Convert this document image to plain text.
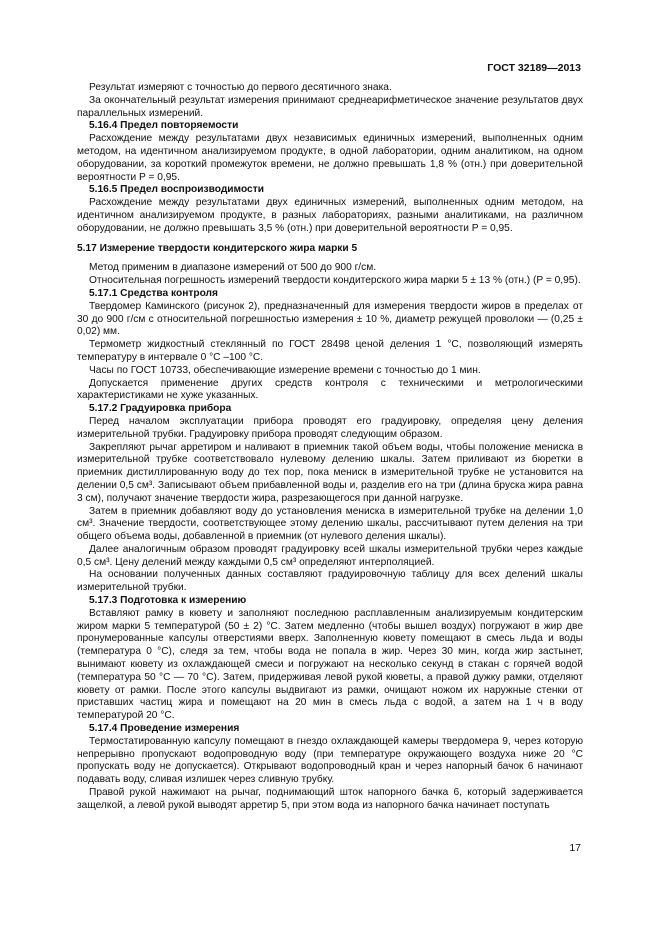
ГОСТ 32189—2013

Результат измеряют с точностью до первого десятичного знака.

За окончательный результат измерения принимают среднеарифметическое значение результатов двух параллельных измерений.

5.16.4 Предел повторяемости

Расхождение между результатами двух независимых единичных измерений, выполненных одним методом, на идентичном анализируемом продукте, в одной лаборатории, одним аналитиком, на одном оборудовании, за короткий промежуток времени, не должно превышать 1,8 % (отн.) при доверительной вероятности P = 0,95.

5.16.5 Предел воспроизводимости

Расхождение между результатами двух единичных измерений, выполненных одним методом, на идентичном анализируемом продукте, в разных лабораториях, разными аналитиками, на различном оборудовании, не должно превышать 3,5 % (отн.) при доверительной вероятности P = 0,95.

5.17 Измерение твердости кондитерского жира марки 5

Метод применим в диапазоне измерений от 500 до 900 г/см.

Относительная погрешность измерений твердости кондитерского жира марки 5 ± 13 % (отн.) (P = 0,95).

5.17.1 Средства контроля

Твердомер Каминского (рисунок 2), предназначенный для измерения твердости жиров в пределах от 30 до 900 г/см с относительной погрешностью измерения ± 10 %, диаметр режущей проволоки — (0,25 ± 0,02) мм.

Термометр жидкостный стеклянный по ГОСТ 28498 ценой деления 1 °С, позволяющий измерять температуру в интервале 0 °С –100 °С.

Часы по ГОСТ 10733, обеспечивающие измерение времени с точностью до 1 мин.

Допускается применение других средств контроля с техническими и метрологическими характеристиками не хуже указанных.

5.17.2 Градуировка прибора

Перед началом эксплуатации прибора проводят его градуировку, определяя цену деления измерительной трубки. Градуировку прибора проводят следующим образом.

Закрепляют рычаг арретиром и наливают в приемник такой объем воды, чтобы положение мениска в измерительной трубке соответствовало нулевому делению шкалы. Затем приливают из бюретки в приемник дистиллированную воду до тех пор, пока мениск в измерительной трубке не установится на делении 0,5 см³. Записывают объем прибавленной воды и, разделив его на три (длина бруска жира равна 3 см), получают значение твердости жира, разрезающегося при данной нагрузке.

Затем в приемник добавляют воду до установления мениска в измерительной трубке на делении 1,0 см³. Значение твердости, соответствующее этому делению шкалы, рассчитывают путем деления на три общего объема воды, добавленной в приемник (от нулевого деления шкалы).

Далее аналогичным образом проводят градуировку всей шкалы измерительной трубки через каждые 0,5 см³. Цену делений между каждыми 0,5 см³ определяют интерполяцией.

На основании полученных данных составляют градуировочную таблицу для всех делений шкалы измерительной трубки.

5.17.3 Подготовка к измерению

Вставляют рамку в кювету и заполняют последнюю расплавленным анализируемым кондитерским жиром марки 5 температурой (50 ± 2) °С. Затем медленно (чтобы вышел воздух) погружают в жир две пронумерованные капсулы отверстиями вверх. Заполненную кювету помещают в смесь льда и воды (температура 0 °С), следя за тем, чтобы вода не попала в жир. Через 30 мин, когда жир застынет, вынимают кювету из охлаждающей смеси и погружают на несколько секунд в стакан с горячей водой (температура 50 °С — 70 °С). Затем, придерживая левой рукой кюветы, а правой дужку рамки, отделяют кювету от рамки. После этого капсулы выдвигают из рамки, очищают ножом их наружные стенки от приставших частиц жира и помещают на 20 мин в смесь льда с водой, а затем на 1 ч в воду температурой 20 °С.

5.17.4 Проведение измерения

Термостатированную капсулу помещают в гнездо охлаждающей камеры твердомера 9, через которую непрерывно пропускают водопроводную воду (при температуре окружающего воздуха ниже 20 °С пропускать воду не допускается). Открывают водопроводный кран и через напорный бачок 6 начинают подавать воду, сливая излишек через сливную трубку.

Правой рукой нажимают на рычаг, поднимающий шток напорного бачка 6, который задерживается защелкой, а левой рукой выводят арретир 5, при этом вода из напорного бачка начинает поступать

17
